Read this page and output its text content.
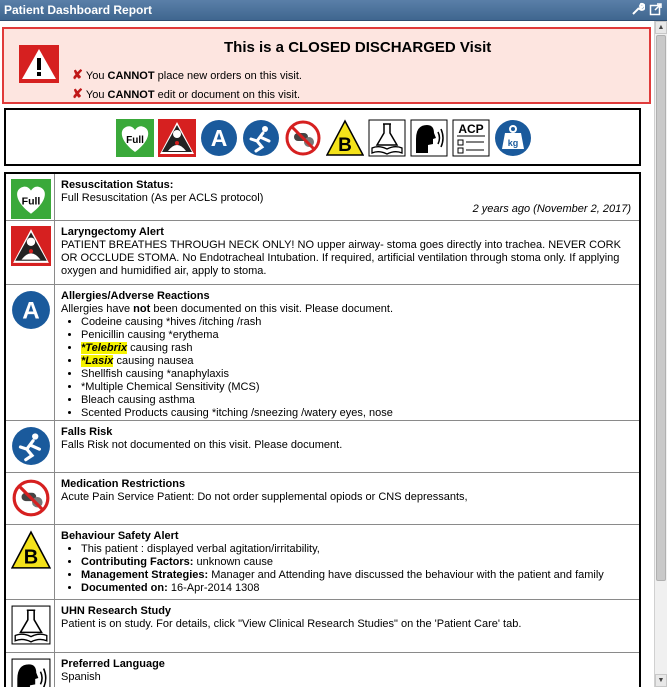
Patient Dashboard Report
This is a CLOSED DISCHARGED Visit
✘ You CANNOT place new orders on this visit.
✘ You CANNOT edit or document on this visit.
Full	A	B
ACP
kg
Full
Resuscitation Status:
Full Resuscitation (As per ACLS protocol)
2 years ago (November 2, 2017)
Laryngectomy Alert
PATIENT BREATHES THROUGH NECK ONLY! NO upper airway- stoma goes directly into trachea. NEVER CORK OR OCCLUDE STOMA. No Endotracheal Intubation. If required, artificial ventilation through stoma only. If applying oxygen and humidified air, apply to stoma.
A
Allergies/Adverse Reactions
Allergies have not been documented on this visit. Please document.
• Codeine causing *hives /itching /rash
• Penicillin causing *erythema
• *Telebrix causing rash
• *Lasix causing nausea
• Shellfish causing *anaphylaxis
• *Multiple Chemical Sensitivity (MCS)
• Bleach causing asthma
• Scented Products causing *itching /sneezing /watery eyes, nose
Falls Risk
Falls Risk not documented on this visit. Please document.
Medication Restrictions
Acute Pain Service Patient: Do not order supplemental opiods or CNS depressants,
B
Behaviour Safety Alert
• This patient : displayed verbal agitation/irritability,
• Contributing Factors: unknown cause
• Management Strategies: Manager and Attending have discussed the behaviour with the patient and family
• Documented on: 16-Apr-2014 1308
UHN Research Study
Patient is on study. For details, click "View Clinical Research Studies" on the 'Patient Care' tab.
Preferred Language
Spanish
▲
▼
